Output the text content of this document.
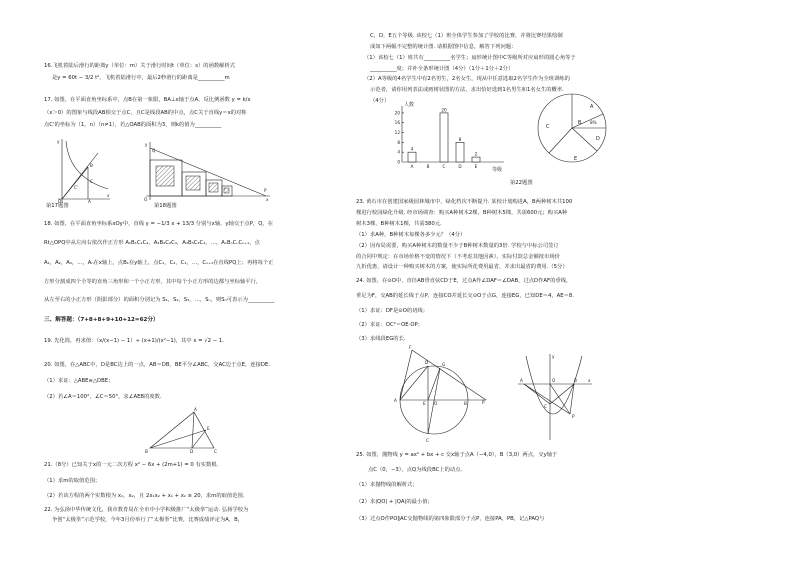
16.飞机着陆后滑行的距离y（单位：m）关于滑行时间t（单位：s）的函数解析式
是y = 60t − 3/2 t²，飞机着陆滑行中，最后2秒滑行的距离是__________m
17. 如图，在平面直角坐标系中，点B在第一象限，BA⊥x轴于点A，反比例函数 y = k/x
（x＞0）的图象与线段AB相交于点C，且C是线段AB的中点，点C关于直线y＝x的对称
点C'的坐标为（1，n）（n≠1），若△OAB的面积为3，则k的值为__________
y
x
O
B
C
A
C'
y
x
O
Q
P
第17题图	第18题图
18. 如图，在平面直角坐标系xOy中，直线 y = −1/3 x + 13/3 分别与x轴、y轴交于点P，Q，在
Rt△OPQ中从左向右依次作正方形 A₁B₁C₁C₂，A₂B₂C₂C₃，A₃B₃C₃C₄，…，AₙBₙCₙCₙ₊₁，点
A₁，A₂，A₃，…，Aₙ在x轴上，点B₁在y轴上，点C₁，C₂，C₃，…，Cₙ₊₁在直线PQ上；再将每个正
方形分割成四个全等的直角三角形和一个小正方形，其中每个小正方形的边都与坐标轴平行，
从左至右的小正方形（阴影部分）的面积分别记为 S₁，S₂，S₃，…，Sₙ，则Sₙ可表示为__________
三、解答题：（7+8+8+9+10+12=62分）
19. 先化简，再求值：（x/(x−1) − 1）÷ (x+1)/(x²−1)，其中 x = √2 − 1.
20. 如图，在△ABC中，D是BC边上的一点，AB＝DB，BE平分∠ABC，交AC边于点E，连接DE.
（1）求证：△ABE≌△DBE；
（2）若∠A＝100°，∠C＝50°，求∠AEB的度数.
A
B	D	C
E
21.（8分）已知关于x的一元二次方程 x² − 6x + (2m+1) = 0 有实数根.
（1）求m的取值范围；
（2）若该方程的两个实数根为 x₁，x₂，且 2x₁x₂ + x₁ + x₂ ≥ 20，求m的取值范围.
22. 为弘扬中华传统文化，我市教育局在全市中小学积极推广“太极拳”运动. 弘扬学校为
争创“太极拳”示范学校，今年3月份举行了“太极拳”比赛，比赛成绩评定为A，B，
C，D，E五个等级. 该校七（1）班全体学生参加了学校的比赛，并将比赛结果绘制
成如下两幅不完整的统计图. 请根据图中信息，解答下列问题：
（1）该校七（1）班共有__________名学生；扇形统计图中C等级所对应扇形的圆心角等于
__________度；并补全条形统计图（4分）（1分＋1分＋2分）
（2）A等级的4名学生中有2名男生，2名女生，现从中任意选取2名学生作为全班训练的
示范者，请你用列表法或画树状图的方法，求出恰好选到1名男生和1名女生的概率.
（4分）
人数
等级
0
4
8
12
16
20
4
A	B
20
C
8
D
2
E
A
B
C
D
E
8%
第22题图
23. 黄石市在创建国家级园林城市中，绿化档次不断提升. 某校计划购进A，B两种树木共100
棵进行校园绿化升级. 经市场调查：购买A种树木2棵，B种树木5棵，共需600元；购买A种
树木3棵，B种树木1棵，共需380元.
（1）求A种，B种树木每棵各多少元？（4分）
（2）因布局需要，购买A种树木的数量不少于B种树木数量的3倍. 学校与中标公司签订
的合同中规定：在市场价格不变的情况下（不考虑其他因素），实际付款总金额按市场价
九折优惠，请设计一种购买树木的方案，使实际所花费用最省，并求出最省的费用.（5分）
24. 如图，在⊙O中，直径AB垂直弦CD于E，过点A作∠DAF＝∠DAB，过点D作AF的垂线，
垂足为F，交AB的延长线于点P，连接CO并延长交⊙O于点G，连接EG，已知DE＝4，AE＝8.
（1）求证：DF是⊙O的切线；
（2）求证：OC²＝OE·OP；
（3）求线段EG的长.
F
D	G
A
O	P
E	B
C
y
x
A	B
O
C
P
25. 如图，抛物线 y = ax² + bx + c 交x轴于点A（−4,0），B（3,0）两点，交y轴于
点C（0，−3），点Q为线段BC上的动点.
（1）求抛物线的解析式；
（2）求|QO| + |QA|的最小值；
（3）过点O作PO∥AC交抛物线的第四象限部分于点P，连接PA，PB，记△PAQ与
